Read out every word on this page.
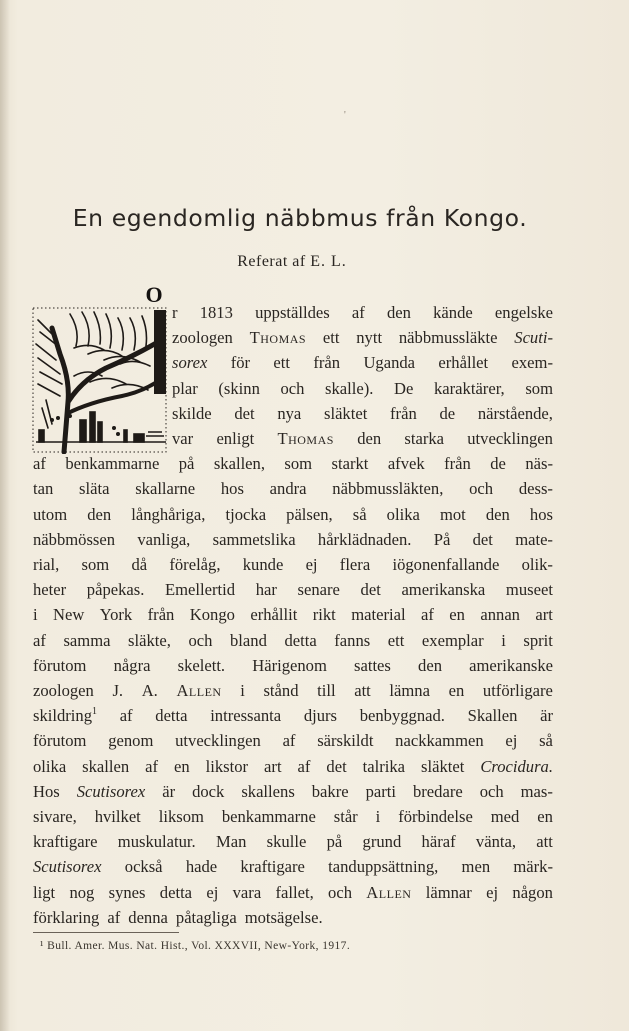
'
En egendomlig näbbmus från Kongo.
Referat af E. L.
O
r 1813 uppställdes af den kände engelske
zoologen Thomas ett nytt näbbmussläkte Scuti-
sorex för ett från Uganda erhållet exem-
plar (skinn och skalle). De karaktärer, som
skilde det nya släktet från de närstående,
var enligt Thomas den starka utvecklingen
af benkammarne på skallen, som starkt afvek från de näs-
tan släta skallarne hos andra näbbmussläkten, och dess-
utom den långhåriga, tjocka pälsen, så olika mot den hos
näbbmössen vanliga, sammetslika hårklädnaden. På det mate-
rial, som då förelåg, kunde ej flera iögonenfallande olik-
heter påpekas. Emellertid har senare det amerikanska museet
i New York från Kongo erhållit rikt material af en annan art
af samma släkte, och bland detta fanns ett exemplar i sprit
förutom några skelett. Härigenom sattes den amerikanske
zoologen J. A. Allen i stånd till att lämna en utförligare
skildring$^1$ af detta intressanta djurs benbyggnad. Skallen är
förutom genom utvecklingen af särskildt nackkammen ej så
olika skallen af en likstor art af det talrika släktet Crocidura.
Hos Scutisorex är dock skallens bakre parti bredare och mas-
sivare, hvilket liksom benkammarne står i förbindelse med en
kraftigare muskulatur. Man skulle på grund häraf vänta, att
Scutisorex också hade kraftigare tanduppsättning, men märk-
ligt nog synes detta ej vara fallet, och Allen lämnar ej någon
förklaring af denna påtagliga motsägelse.
¹ Bull. Amer. Mus. Nat. Hist., Vol. XXXVII, New-York, 1917.
